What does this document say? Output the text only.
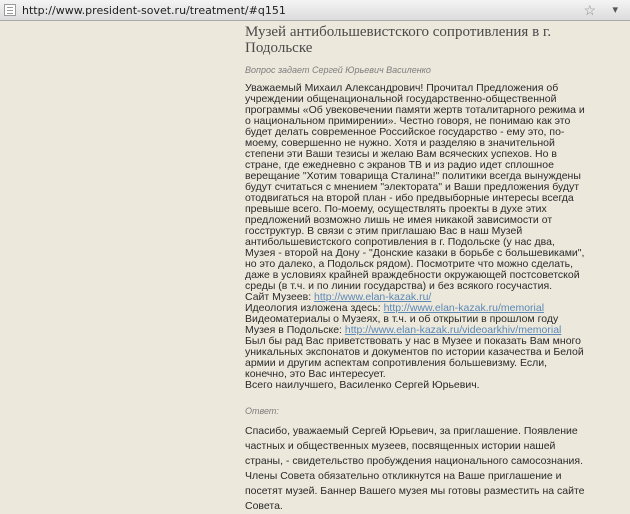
http://www.president-sovet.ru/treatment/#q151	☆ ▾
Музей антибольшевистского сопротивления в г. Подольске
Вопрос задает Сергей Юрьевич Василенко

Уважаемый Михаил Александрович! Прочитал Предложения об учреждении общенациональной государственно-общественной программы «Об увековечении памяти жертв тоталитарного режима и о национальном примирении». Честно говоря, не понимаю как это будет делать современное Российское государство - ему это, по-моему, совершенно не нужно. Хотя и разделяю в значительной степени эти Ваши тезисы и желаю Вам всяческих успехов. Но в стране, где ежедневно с экранов ТВ и из радио идет сплошное верещание "Хотим товарища Сталина!" политики всегда вынуждены будут считаться с мнением "электората" и Ваши предложения будут отодвигаться на второй план - ибо предвыборные интересы всегда превыше всего. По-моему, осуществлять проекты в духе этих предложений возможно лишь не имея никакой зависимости от госструктур. В связи с этим приглашаю Вас в наш Музей антибольшевистского сопротивления в г. Подольске (у нас два, Музея - второй на Дону - "Донские казаки в борьбе с большевиками", но это далеко, а Подольск рядом). Посмотрите что можно сделать, даже в условиях крайней враждебности окружающей постсоветской среды (в т.ч. и по линии государства) и без всякого госучастия.

Сайт Музеев: http://www.elan-kazak.ru/

Идеология изложена здесь: http://www.elan-kazak.ru/memorial

Видеоматериалы о Музеях, в т.ч. и об открытии в прошлом году Музея в Подольске: http://www.elan-kazak.ru/videoarkhiv/memorial

Был бы рад Вас приветствовать у нас в Музее и показать Вам много уникальных экспонатов и документов по истории казачества и Белой армии и другим аспектам сопротивления большевизму. Если, конечно, это Вас интересует.

Всего наилучшего, Василенко Сергей Юрьевич.

Ответ:

Спасибо, уважаемый Сергей Юрьевич, за приглашение. Появление частных и общественных музеев, посвященных истории нашей страны, - свидетельство пробуждения национального самосознания. Члены Совета обязательно откликнутся на Ваше приглашение и посетят музей. Баннер Вашего музея мы готовы разместить на сайте Совета.
